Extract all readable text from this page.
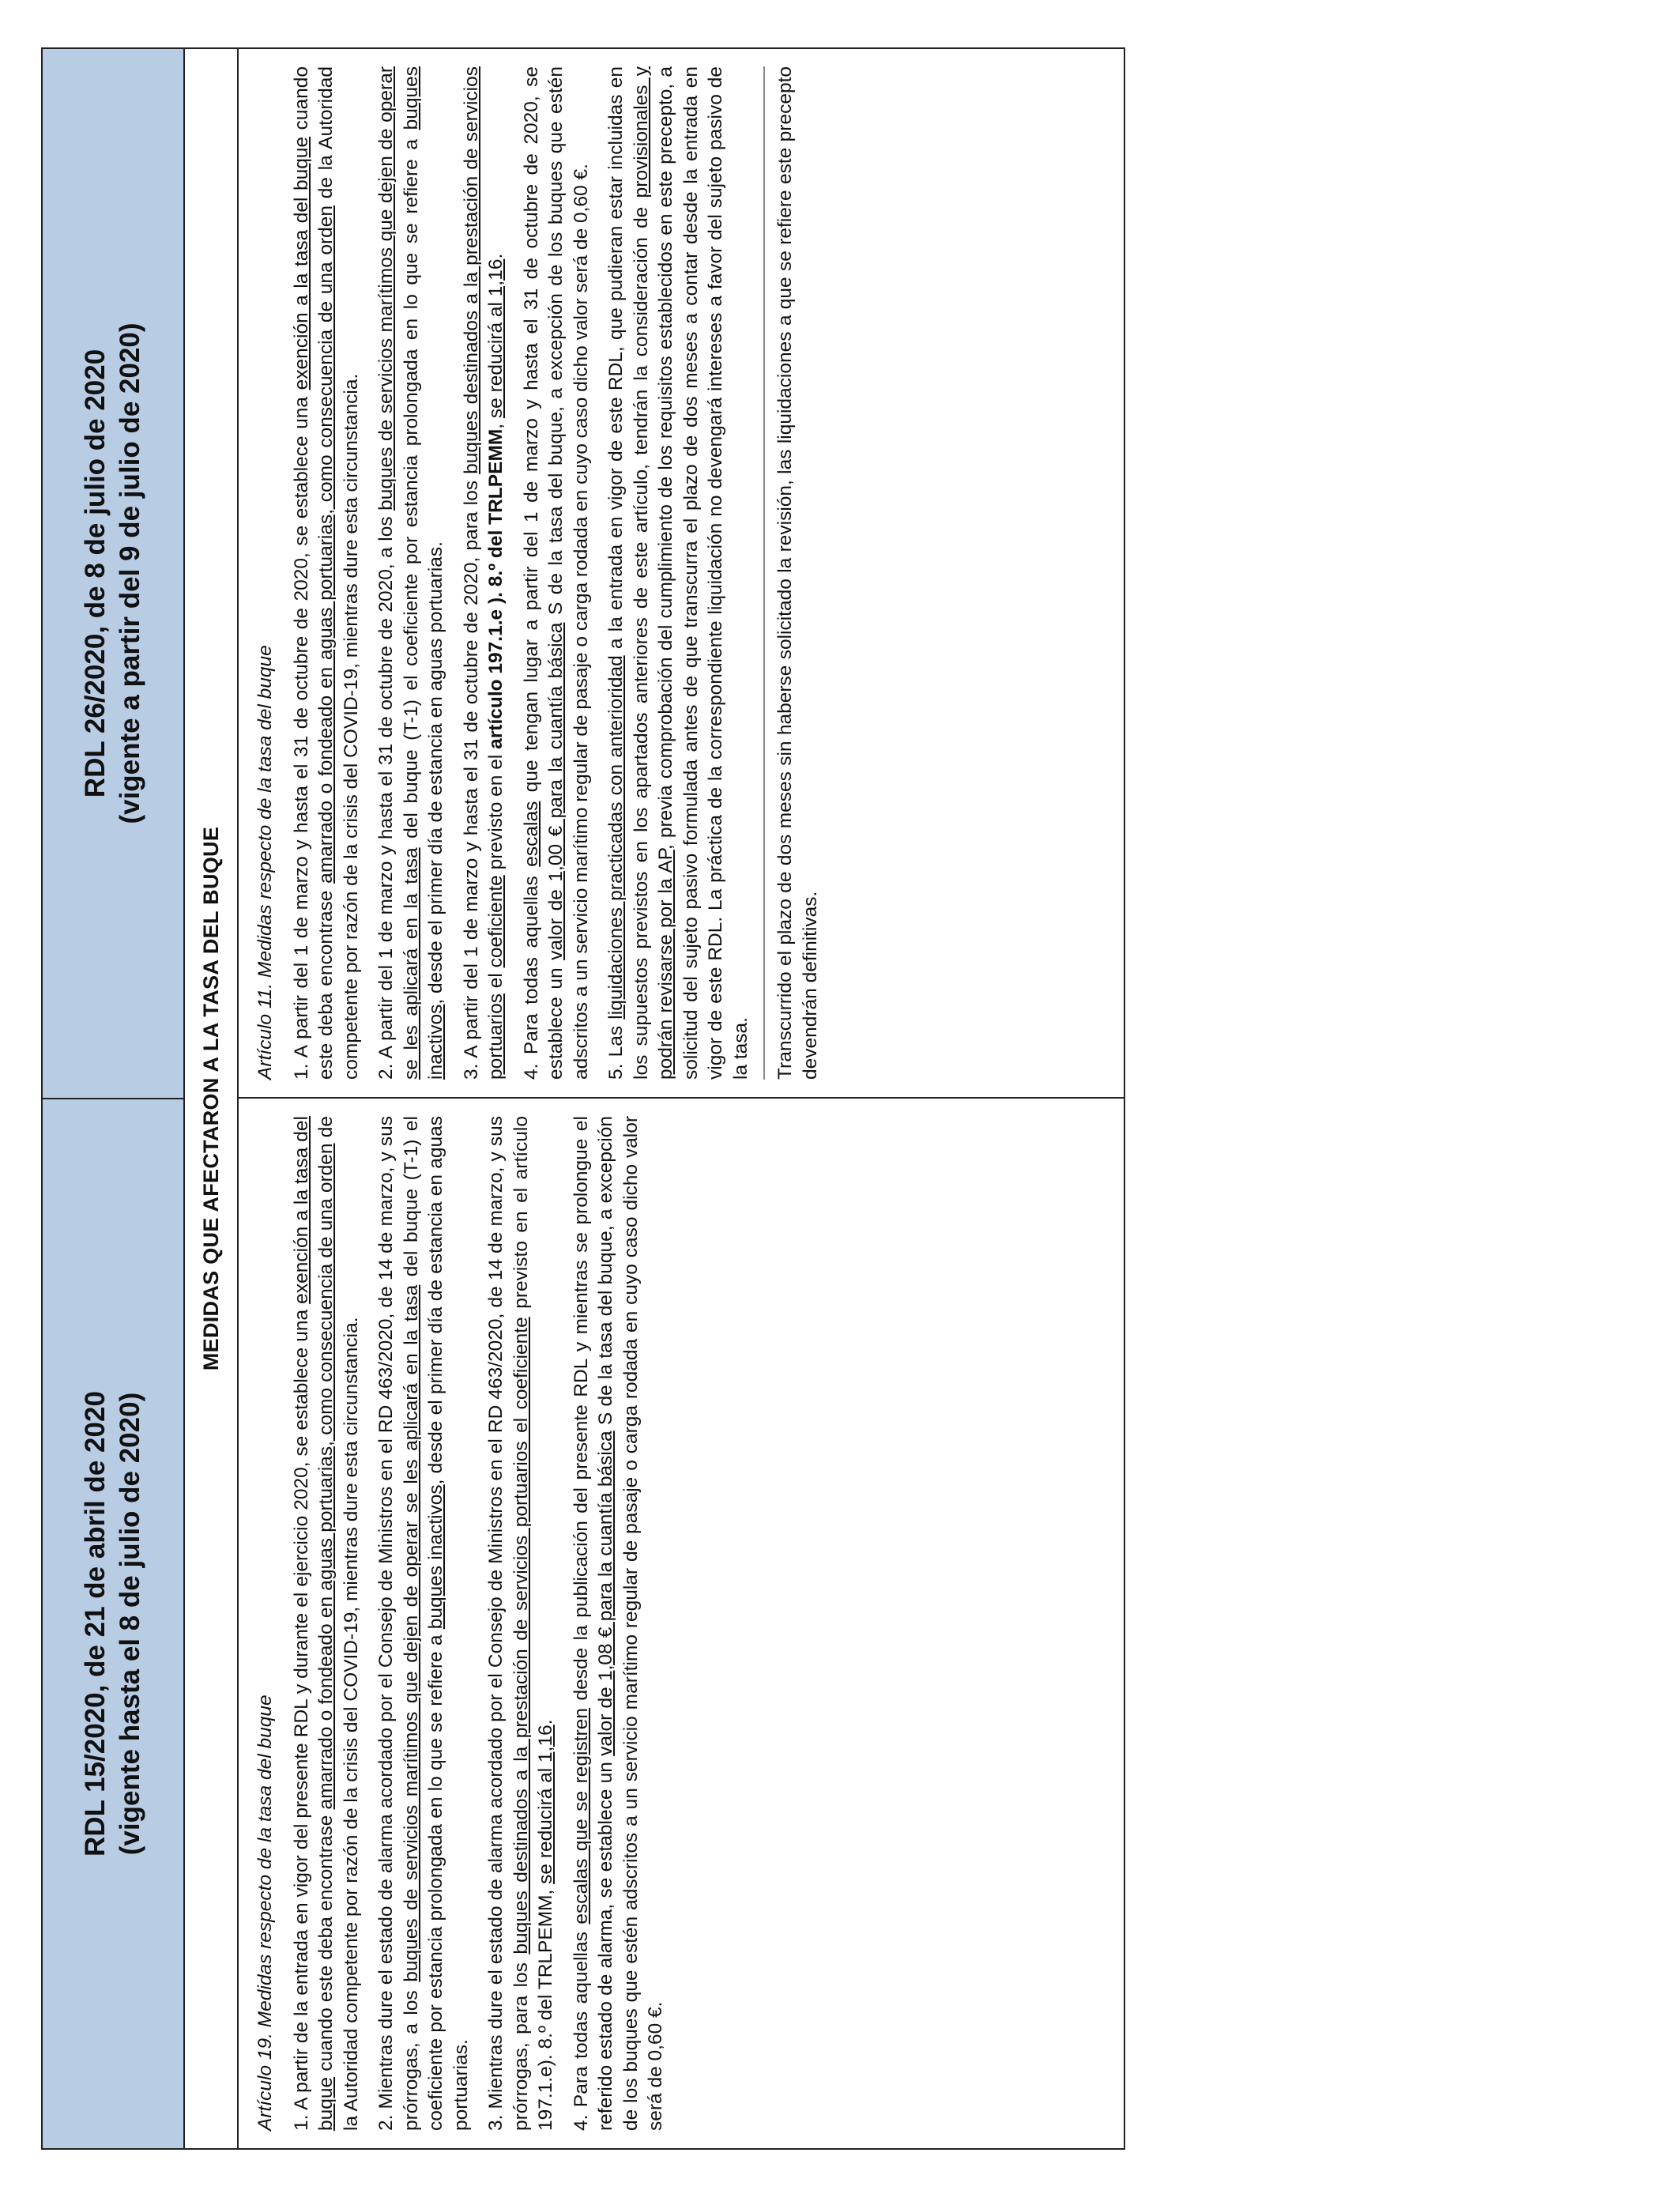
RDL 15/2020, de 21 de abril de 2020 (vigente hasta el 8 de julio de 2020)
RDL 26/2020, de 8 de julio de 2020 (vigente a partir del 9 de julio de 2020)
MEDIDAS QUE AFECTARON A LA TASA DEL BUQUE

Artículo 19. Medidas respecto de la tasa del buque 1. A partir de la entrada en vigor del presente RDL y durante el ejercicio 2020, se establece una exención a la tasa del buque cuando este deba encontrase amarrado o fondeado en aguas portuarias, como consecuencia de una orden de la Autoridad competente por razón de la crisis del COVID-19, mientras dure esta circunstancia. 2. Mientras dure el estado de alarma acordado por el Consejo de Ministros en el RD 463/2020, de 14 de marzo, y sus prórrogas, a los buques de servicios marítimos que dejen de operar se les aplicará en la tasa del buque (T-1) el coeficiente por estancia prolongada en lo que se refiere a buques inactivos, desde el primer día de estancia en aguas portuarias. 3. Mientras dure el estado de alarma acordado por el Consejo de Ministros en el RD 463/2020, de 14 de marzo, y sus prórrogas, para los buques destinados a la prestación de servicios portuarios el coeficiente previsto en el artículo 197.1.e). 8.º del TRLPEMM, se reducirá al 1,16.

4. Para todas aquellas escalas que se registren desde la publicación del presente RDL y mientras se prolongue el referido estado de alarma, se establece un valor de 1,08 € para la cuantía básica S de la tasa del buque, a excepción de los buques que estén adscritos a un servicio marítimo regular de pasaje o carga rodada en cuyo caso dicho valor será de 0,60 €.

Artículo 11. Medidas respecto de la tasa del buque 1. A partir del 1 de marzo y hasta el 31 de octubre de 2020, se establece una exención a la tasa del buque cuando este deba encontrase amarrado o fondeado en aguas portuarias, como consecuencia de una orden de la Autoridad competente por razón de la crisis del COVID-19, mientras dure esta circunstancia. 2. A partir del 1 de marzo y hasta el 31 de octubre de 2020, a los buques de servicios marítimos que dejen de operar se les aplicará en la tasa del buque (T-1) el coeficiente por estancia prolongada en lo que se refiere a buques inactivos, desde el primer día de estancia en aguas portuarias. 3. A partir del 1 de marzo y hasta el 31 de octubre de 2020, para los buques destinados a la prestación de servicios portuarios el coeficiente previsto en el artículo 197.1.e ). 8.º del TRLPEMM, se reducirá al 1,16.

4. Para todas aquellas escalas que tengan lugar a partir del 1 de marzo y hasta el 31 de octubre de 2020, se establece un valor de 1,00 € para la cuantía básica S de la tasa del buque, a excepción de los buques que estén adscritos a un servicio marítimo regular de pasaje o carga rodada en cuyo caso dicho valor será de 0,60 €. 5. Las liquidaciones practicadas con anterioridad a la entrada en vigor de este RDL, que pudieran estar incluidas en los supuestos previstos en los apartados anteriores de este artículo, tendrán la consideración de provisionales y podrán revisarse por la AP, previa comprobación del cumplimiento de los requisitos establecidos en este precepto, a solicitud del sujeto pasivo formulada antes de que transcurra el plazo de dos meses a contar desde la entrada en vigor de este RDL. La práctica de la correspondiente liquidación no devengará intereses a favor del sujeto pasivo de la tasa. Transcurrido el plazo de dos meses sin haberse solicitado la revisión, las liquidaciones a que se refiere este precepto devendrán definitivas.
